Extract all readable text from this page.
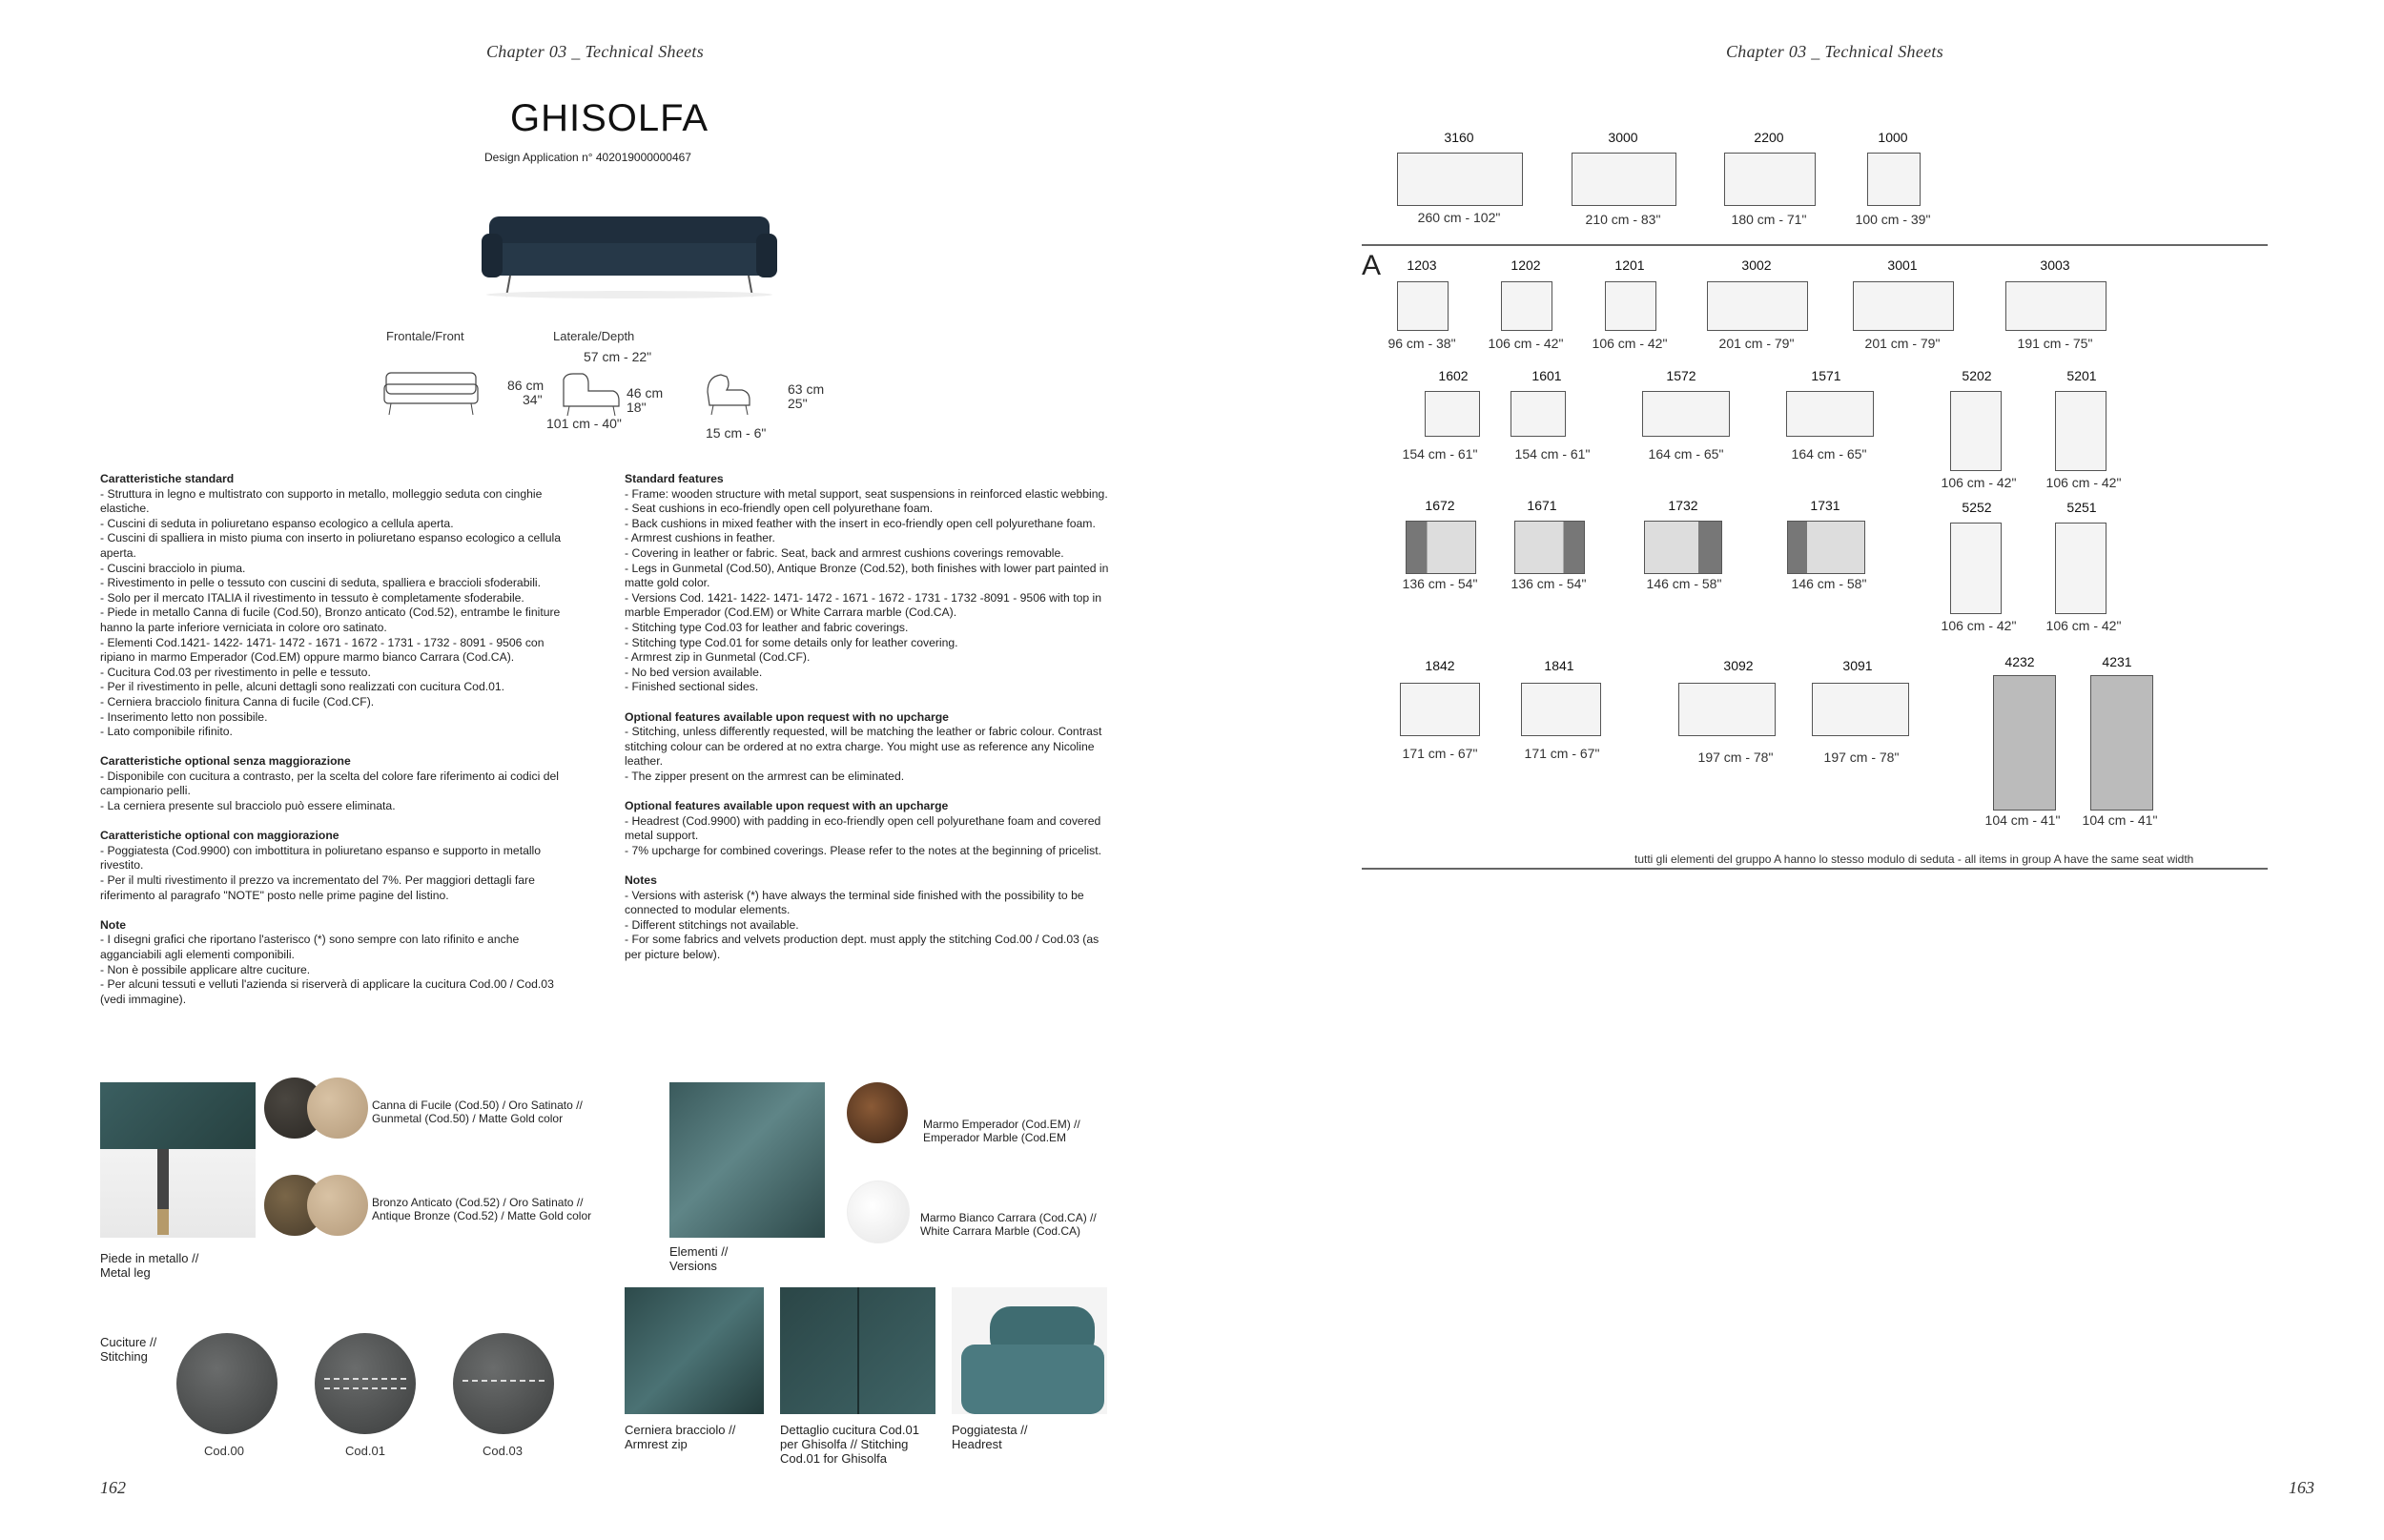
Chapter 03 _ Technical Sheets
GHISOLFA
Design Application n° 402019000000467
Frontale/Front	Laterale/Depth
57 cm - 22"
86 cm
34"	46 cm
18"
101 cm - 40"
63 cm
25"
15 cm - 6"
Caratteristiche standard

- Struttura in legno e multistrato con supporto in metallo, molleggio seduta con cinghie elastiche.
- Cuscini di seduta in poliuretano espanso ecologico a cellula aperta.
- Cuscini di spalliera in misto piuma con inserto in poliuretano espanso ecologico a cellula aperta.
- Cuscini bracciolo in piuma.
- Rivestimento in pelle o tessuto con cuscini di seduta, spalliera e braccioli sfoderabili.
- Solo per il mercato ITALIA il rivestimento in tessuto è completamente sfoderabile.
- Piede in metallo Canna di fucile (Cod.50), Bronzo anticato (Cod.52), entrambe le finiture hanno la parte inferiore verniciata in colore oro satinato.
- Elementi Cod.1421- 1422- 1471- 1472 - 1671 - 1672 - 1731 - 1732 - 8091 - 9506 con ripiano in marmo Emperador (Cod.EM) oppure marmo bianco Carrara (Cod.CA).
- Cucitura Cod.03 per rivestimento in pelle e tessuto.
- Per il rivestimento in pelle, alcuni dettagli sono realizzati con cucitura Cod.01.
- Cerniera bracciolo finitura Canna di fucile (Cod.CF).
- Inserimento letto non possibile.
- Lato componibile rifinito.

Caratteristiche optional senza maggiorazione

- Disponibile con cucitura a contrasto, per la scelta del colore fare riferimento ai codici del campionario pelli.
- La cerniera presente sul bracciolo può essere eliminata.

Caratteristiche optional con maggiorazione

- Poggiatesta (Cod.9900) con imbottitura in poliuretano espanso e supporto in metallo rivestito.
- Per il multi rivestimento il prezzo va incrementato del 7%. Per maggiori dettagli fare riferimento al paragrafo "NOTE" posto nelle prime pagine del listino.

Note

- I disegni grafici che riportano l'asterisco (*) sono sempre con lato rifinito e anche agganciabili agli elementi componibili.
- Non è possibile applicare altre cuciture.
- Per alcuni tessuti e velluti l'azienda si riserverà di applicare la cucitura Cod.00 / Cod.03 (vedi immagine).

Standard features

- Frame: wooden structure with metal support, seat suspensions in reinforced elastic webbing.
- Seat cushions in eco-friendly open cell polyurethane foam.
- Back cushions in mixed feather with the insert in eco-friendly open cell polyurethane foam.
- Armrest cushions in feather.
- Covering in leather or fabric. Seat, back and armrest cushions coverings removable.
- Legs in Gunmetal (Cod.50), Antique Bronze (Cod.52), both finishes with lower part painted in matte gold color.
- Versions Cod. 1421- 1422- 1471- 1472 - 1671 - 1672 - 1731 - 1732 -8091 - 9506 with top in marble Emperador (Cod.EM) or White Carrara marble (Cod.CA).
- Stitching type Cod.03 for leather and fabric coverings.
- Stitching type Cod.01 for some details only for leather covering.
- Armrest zip in Gunmetal (Cod.CF).
- No bed version available.
- Finished sectional sides.

Optional features available upon request with no upcharge

- Stitching, unless differently requested, will be matching the leather or fabric colour. Contrast stitching colour can be ordered at no extra charge. You might use as reference any Nicoline leather.
- The zipper present on the armrest can be eliminated.

Optional features available upon request with an upcharge

- Headrest (Cod.9900) with padding in eco-friendly open cell polyurethane foam and covered metal support.
- 7% upcharge for combined coverings. Please refer to the notes at the beginning of pricelist.

Notes

- Versions with asterisk (*) have always the terminal side finished with the possibility to be connected to modular elements.
- Different stitchings not available.
- For some fabrics and velvets production dept. must apply the stitching Cod.00 / Cod.03 (as per picture below).

Piede in metallo //
Metal leg
Canna di Fucile (Cod.50) / Oro Satinato //
Gunmetal (Cod.50) / Matte Gold color
Bronzo Anticato (Cod.52) / Oro Satinato //
Antique Bronze (Cod.52) / Matte Gold color
Elementi //
Versions
Marmo Emperador (Cod.EM) //
Emperador Marble (Cod.EM
Marmo Bianco Carrara (Cod.CA) //
White Carrara Marble (Cod.CA)
Cuciture //
Stitching
Cod.00	Cod.01	Cod.03
Cerniera bracciolo //
Armrest zip
Dettaglio cucitura Cod.01
per Ghisolfa // Stitching
Cod.01 for Ghisolfa
Poggiatesta //
Headrest
162
Chapter 03 _ Technical Sheets
3160
260 cm - 102"
3000
210 cm - 83"
2200
180 cm - 71"
1000
100 cm - 39"
A	1203
96 cm - 38"
1202
106 cm - 42"
1201
106 cm - 42"
3002
201 cm - 79"
3001
201 cm - 79"
3003
191 cm - 75"
1602
154 cm - 61"
1601
154 cm - 61"
1572
164 cm - 65"
1571
164 cm - 65"
5202
106 cm - 42"
5201
106 cm - 42"
1672
136 cm - 54"
1671
136 cm - 54"
1732
146 cm - 58"
1731
146 cm - 58"
5252
106 cm - 42"
5251
106 cm - 42"
1842
171 cm - 67"
1841
171 cm - 67"
3092
197 cm - 78"
3091
197 cm - 78"
4232
104 cm - 41"
4231
104 cm - 41"
tutti gli elementi del gruppo A hanno lo stesso modulo di seduta - all items in group A have the same seat width
163
